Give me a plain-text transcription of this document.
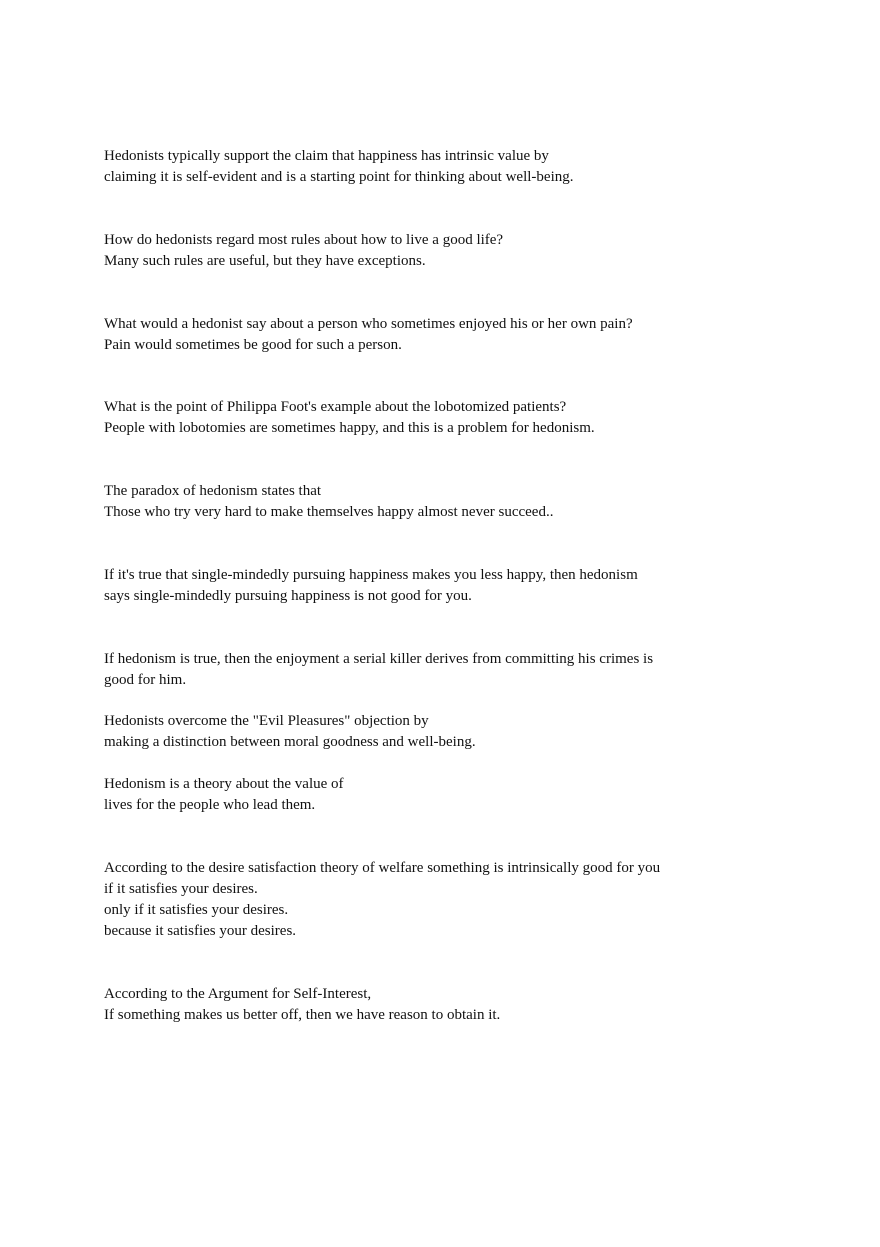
Hedonists typically support the claim that happiness has intrinsic value by
claiming it is self-evident and is a starting point for thinking about well-being.
How do hedonists regard most rules about how to live a good life?
Many such rules are useful, but they have exceptions.
What would a hedonist say about a person who sometimes enjoyed his or her own pain?
Pain would sometimes be good for such a person.
What is the point of Philippa Foot's example about the lobotomized patients?
People with lobotomies are sometimes happy, and this is a problem for hedonism.
The paradox of hedonism states that
Those who try very hard to make themselves happy almost never succeed..
If it's true that single-mindedly pursuing happiness makes you less happy, then hedonism
says single-mindedly pursuing happiness is not good for you.
If hedonism is true, then the enjoyment a serial killer derives from committing his crimes is
good for him.
Hedonists overcome the "Evil Pleasures" objection by
making a distinction between moral goodness and well-being.
Hedonism is a theory about the value of
lives for the people who lead them.
According to the desire satisfaction theory of welfare something is intrinsically good for you
if it satisfies your desires.
only if it satisfies your desires.
because it satisfies your desires.
According to the Argument for Self-Interest,
If something makes us better off, then we have reason to obtain it.
